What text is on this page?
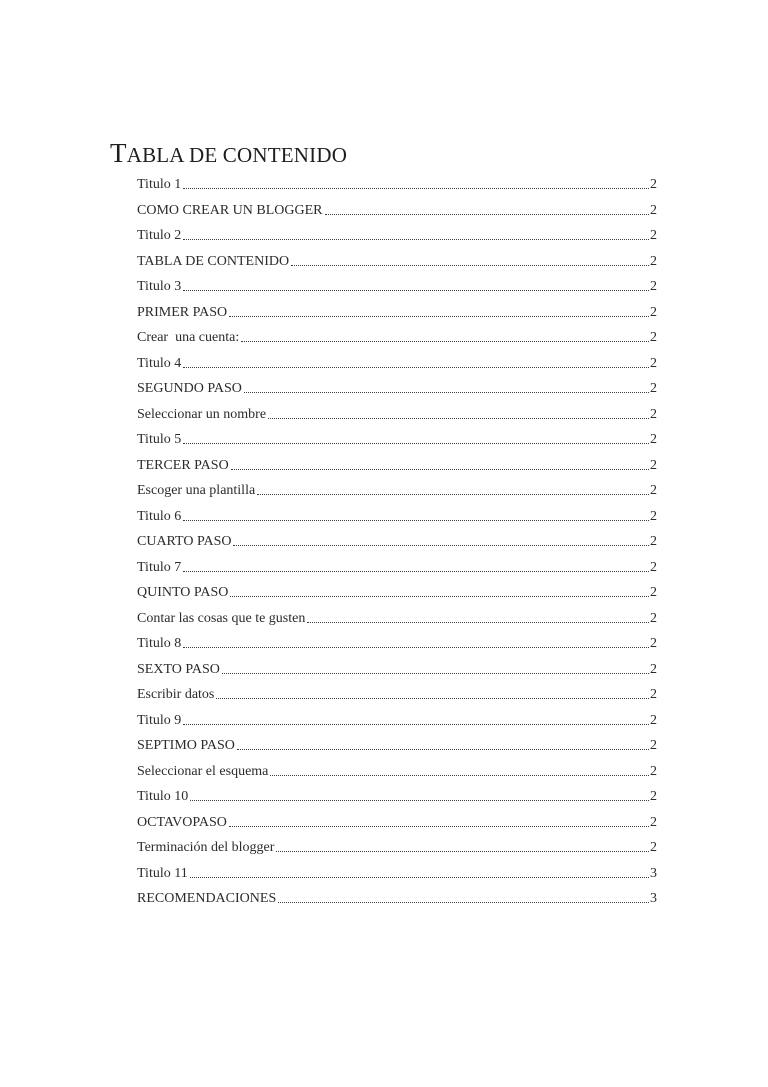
TABLA DE CONTENIDO
Titulo 1	2
COMO CREAR UN BLOGGER	2
Titulo 2	2
TABLA DE CONTENIDO	2
Titulo 3	2
PRIMER PASO	2
Crear  una cuenta:	2
Titulo 4	2
SEGUNDO PASO	2
Seleccionar un nombre	2
Titulo 5	2
TERCER PASO	2
Escoger una plantilla	2
Titulo 6	2
CUARTO PASO	2
Titulo 7	2
QUINTO PASO	2
Contar las cosas que te gusten	2
Titulo 8	2
SEXTO PASO	2
Escribir datos	2
Titulo 9	2
SEPTIMO PASO	2
Seleccionar el esquema	2
Titulo 10	2
OCTAVOPASO	2
Terminación del blogger	2
Titulo 11	3
RECOMENDACIONES	3
